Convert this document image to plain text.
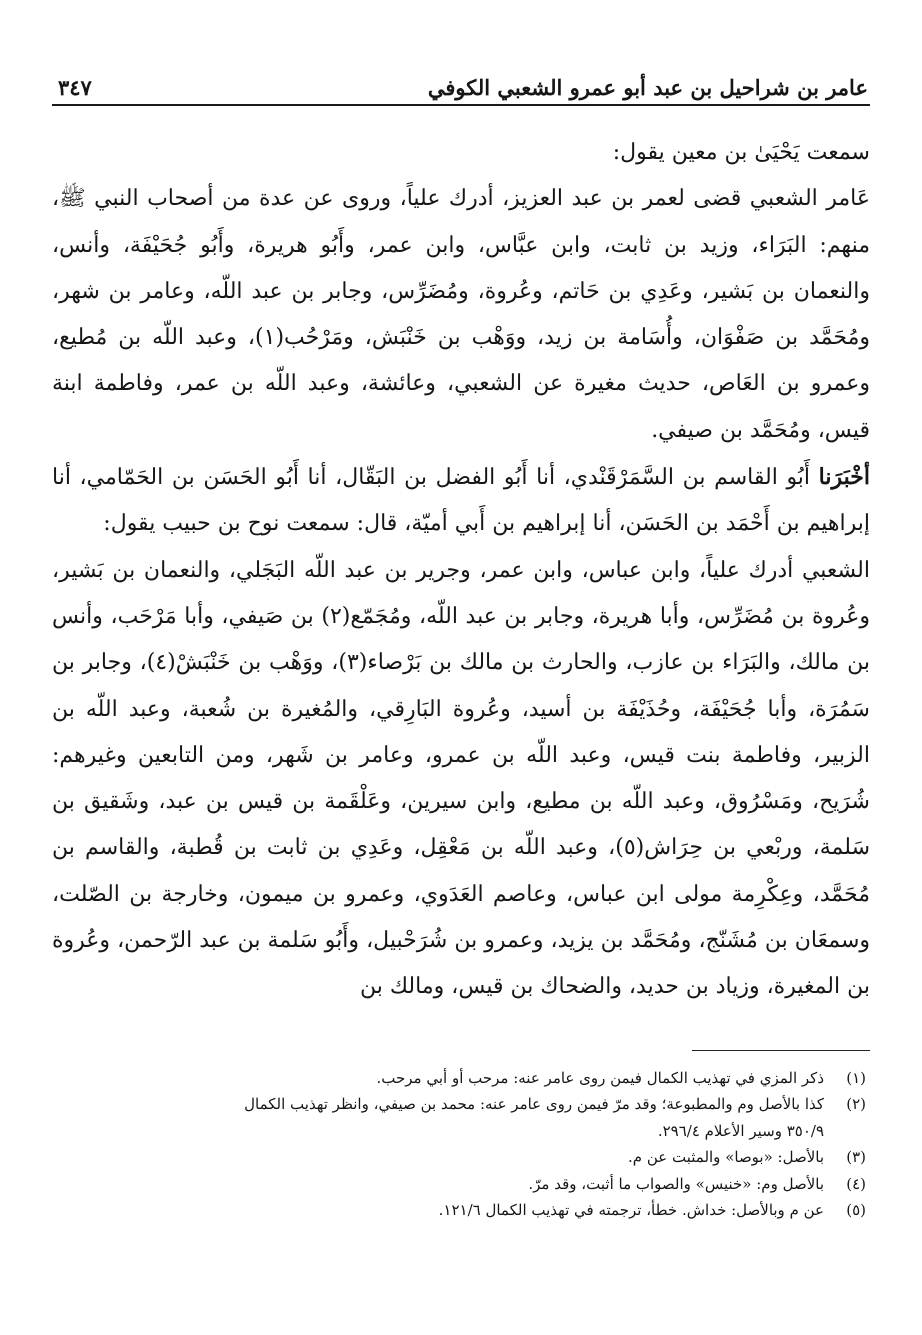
عامر بن شراحيل بن عبد أبو عمرو الشعبي الكوفي
٣٤٧

سمعت يَحْيَىٰ بن معين يقول:

عَامر الشعبي قضى لعمر بن عبد العزيز، أدرك علياً، وروى عن عدة من أصحاب النبي ﷺ، منهم: البَرَاء، وزيد بن ثابت، وابن عبَّاس، وابن عمر، وأَبُو هريرة، وأَبُو جُحَيْفَة، وأنس، والنعمان بن بَشير، وعَدِي بن حَاتم، وعُروة، ومُضَرِّس، وجابر بن عبد اللّه، وعامر بن شهر، ومُحَمَّد بن صَفْوَان، وأُسَامة بن زيد، ووَهْب بن خَنْبَش، ومَرْحُب(١)، وعبد اللّه بن مُطيع، وعمرو بن العَاص، حديث مغيرة عن الشعبي، وعائشة، وعبد اللّه بن عمر، وفاطمة ابنة قيس، ومُحَمَّد بن صيفي.

أخْبَرَنا أَبُو القاسم بن السَّمَرْقَنْدي، أنا أَبُو الفضل بن البَقّال، أنا أَبُو الحَسَن بن الحَمّامي، أنا إبراهيم بن أَحْمَد بن الحَسَن، أنا إبراهيم بن أَبي أميّة، قال: سمعت نوح بن حبيب يقول:

الشعبي أدرك علياً، وابن عباس، وابن عمر، وجرير بن عبد اللّه البَجَلي، والنعمان بن بَشير، وعُروة بن مُضَرِّس، وأبا هريرة، وجابر بن عبد اللّه، ومُجَمّع(٢) بن صَيفي، وأبا مَرْحَب، وأنس بن مالك، والبَرَاء بن عازب، والحارث بن مالك بن بَرْصاء(٣)، ووَهْب بن خَنْبَشْ(٤)، وجابر بن سَمُرَة، وأبا جُحَيْفَة، وحُذَيْفَة بن أسيد، وعُروة البَارِقي، والمُغيرة بن شُعبة، وعبد اللّه بن الزبير، وفاطمة بنت قيس، وعبد اللّه بن عمرو، وعامر بن شَهر، ومن التابعين وغيرهم: شُرَيح، ومَسْرُوق، وعبد اللّه بن مطيع، وابن سيرين، وعَلْقَمة بن قيس بن عبد، وشَقيق بن سَلمة، وربْعي بن حِرَاش(٥)، وعبد اللّه بن مَعْقِل، وعَدِي بن ثابت بن قُطبة، والقاسم بن مُحَمَّد، وعِكْرِمة مولى ابن عباس، وعاصم العَدَوي، وعمرو بن ميمون، وخارجة بن الصّلت، وسمعَان بن مُشَنّج، ومُحَمَّد بن يزيد، وعمرو بن شُرَحْبيل، وأَبُو سَلمة بن عبد الرّحمن، وعُروة بن المغيرة، وزياد بن حديد، والضحاك بن قيس، ومالك بن

(١)
ذكر المزي في تهذيب الكمال فيمن روى عامر عنه: مرحب أو أبي مرحب.
(٢)
كذا بالأصل وم والمطبوعة؛ وقد مرّ فيمن روى عامر عنه: محمد بن صيفي، وانظر تهذيب الكمال
٣٥٠/٩ وسير الأعلام ٢٩٦/٤.
(٣)
بالأصل: «بوصا» والمثبت عن م.
(٤)
بالأصل وم: «خنيس» والصواب ما أثبت، وقد مرّ.
(٥)
عن م وبالأصل: خداش. خطأ، ترجمته في تهذيب الكمال ١٢١/٦.
